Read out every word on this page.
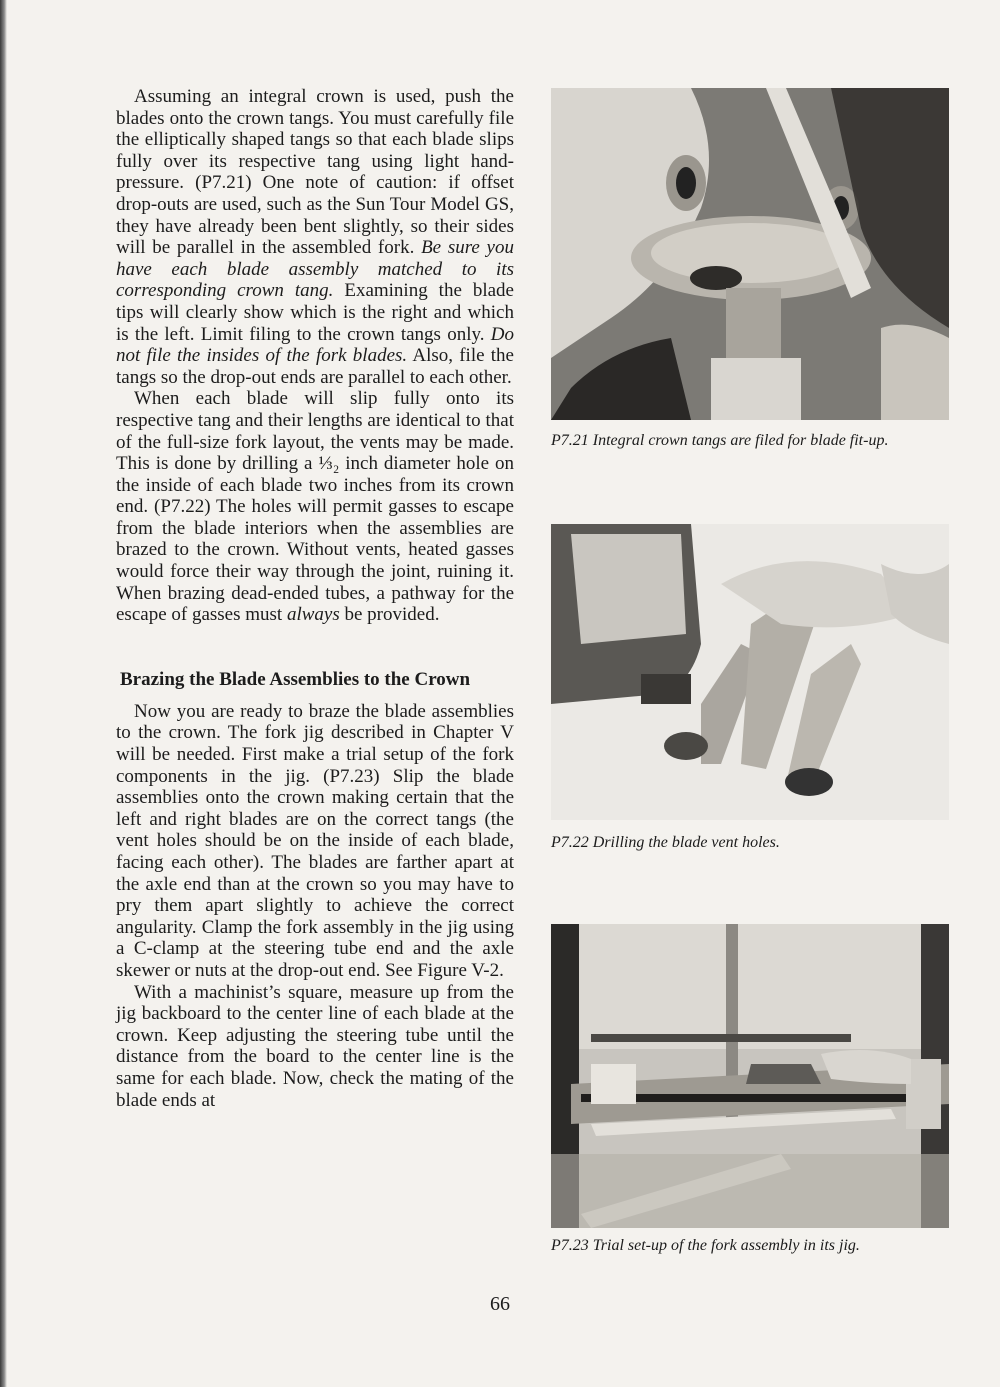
Assuming an integral crown is used, push the blades onto the crown tangs. You must carefully file the elliptically shaped tangs so that each blade slips fully over its respective tang using light hand-pressure. (P7.21) One note of caution: if offset drop-outs are used, such as the Sun Tour Model GS, they have already been bent slightly, so their sides will be parallel in the assembled fork. Be sure you have each blade assembly matched to its corresponding crown tang. Examining the blade tips will clearly show which is the right and which is the left. Limit filing to the crown tangs only. Do not file the insides of the fork blades. Also, file the tangs so the drop-out ends are parallel to each other.

When each blade will slip fully onto its respective tang and their lengths are identical to that of the full-size fork layout, the vents may be made. This is done by drilling a ⅓₂ inch diameter hole on the inside of each blade two inches from its crown end. (P7.22) The holes will permit gasses to escape from the blade interiors when the assemblies are brazed to the crown. Without vents, heated gasses would force their way through the joint, ruining it. When brazing dead-ended tubes, a pathway for the escape of gasses must always be provided.

Brazing the Blade Assemblies to the Crown

Now you are ready to braze the blade assemblies to the crown. The fork jig described in Chapter V will be needed. First make a trial setup of the fork components in the jig. (P7.23) Slip the blade assemblies onto the crown making certain that the left and right blades are on the correct tangs (the vent holes should be on the inside of each blade, facing each other). The blades are farther apart at the axle end than at the crown so you may have to pry them apart slightly to achieve the correct angularity. Clamp the fork assembly in the jig using a C-clamp at the steering tube end and the axle skewer or nuts at the drop-out end. See Figure V-2.

With a machinist’s square, measure up from the jig backboard to the center line of each blade at the crown. Keep adjusting the steering tube until the distance from the board to the center line is the same for each blade. Now, check the mating of the blade ends at

P7.21 Integral crown tangs are filed for blade fit-up.

P7.22 Drilling the blade vent holes.

P7.23 Trial set-up of the fork assembly in its jig.

66
